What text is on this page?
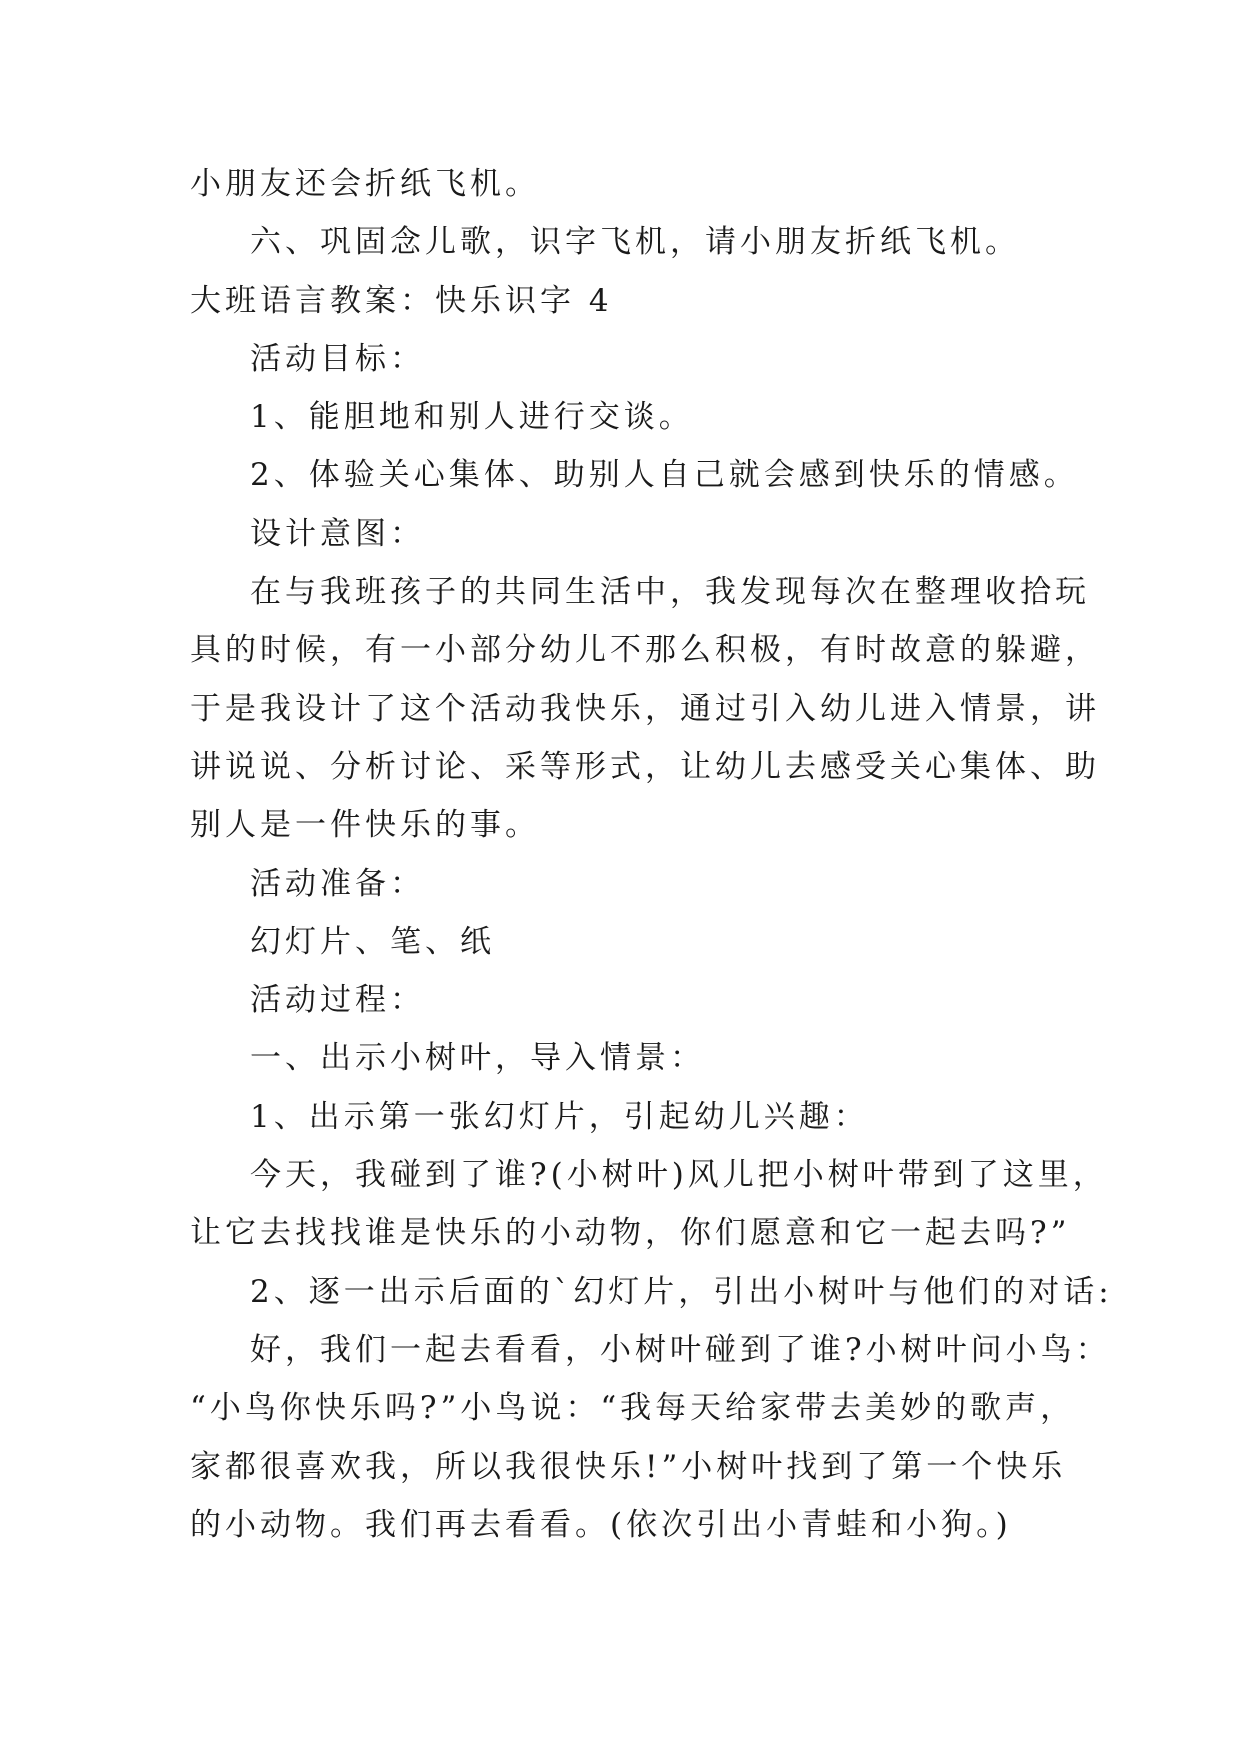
小朋友还会折纸飞机。
六、巩固念儿歌，识字飞机，请小朋友折纸飞机。
大班语言教案：快乐识字 4
活动目标：
1、能胆地和别人进行交谈。
2、体验关心集体、助别人自己就会感到快乐的情感。
设计意图：
在与我班孩子的共同生活中，我发现每次在整理收拾玩
具的时候，有一小部分幼儿不那么积极，有时故意的躲避，
于是我设计了这个活动我快乐，通过引入幼儿进入情景，讲
讲说说、分析讨论、采等形式，让幼儿去感受关心集体、助
别人是一件快乐的事。
活动准备：
幻灯片、笔、纸
活动过程：
一、出示小树叶，导入情景：
1、出示第一张幻灯片，引起幼儿兴趣：
今天，我碰到了谁?(小树叶)风儿把小树叶带到了这里，
让它去找找谁是快乐的小动物，你们愿意和它一起去吗?”
2、逐一出示后面的`幻灯片，引出小树叶与他们的对话:
好，我们一起去看看，小树叶碰到了谁?小树叶问小鸟：
“小鸟你快乐吗?”小鸟说：“我每天给家带去美妙的歌声，
家都很喜欢我，所以我很快乐!”小树叶找到了第一个快乐
的小动物。我们再去看看。(依次引出小青蛙和小狗。)
